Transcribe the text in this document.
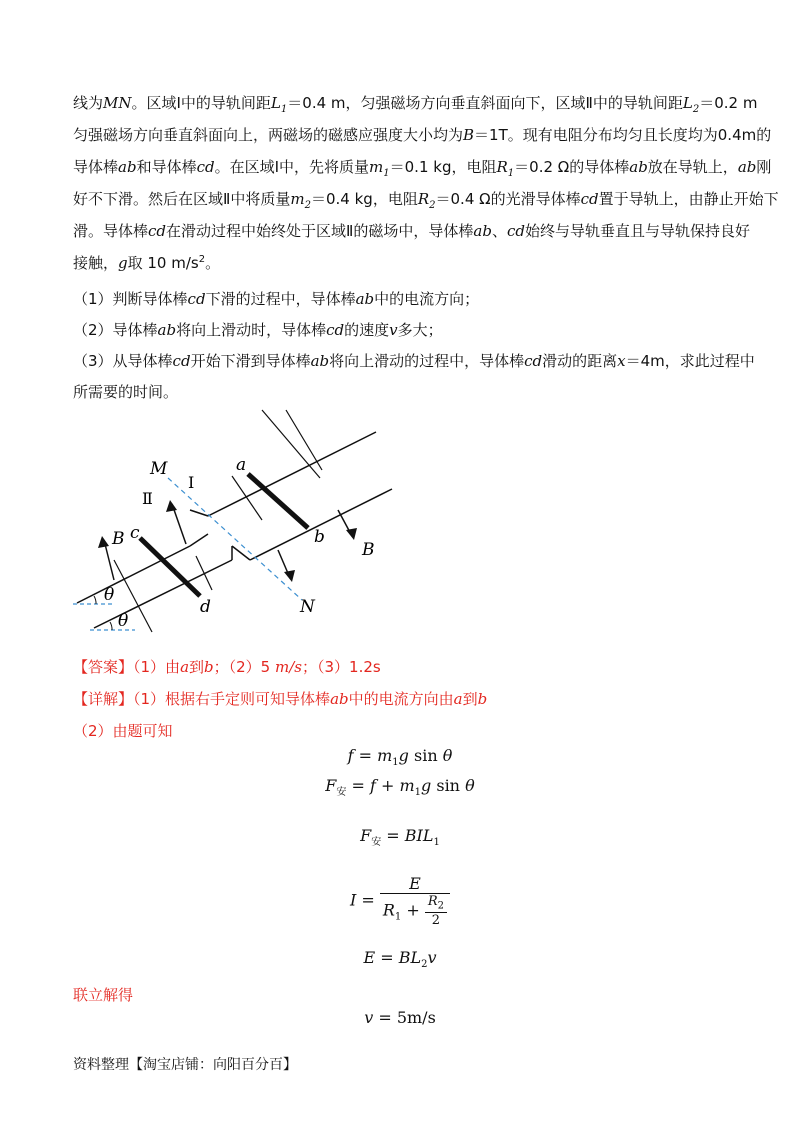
线为MN。区域Ⅰ中的导轨间距$L_1=0.4$ m，匀强磁场方向垂直斜面向下，区域Ⅱ中的导轨间距$L_2=0.2$ m
匀强磁场方向垂直斜面向上，两磁场的磁感应强度大小均为B＝1T。现有电阻分布均匀且长度均为0.4m的
导体棒ab和导体棒cd。在区域Ⅰ中，先将质量$m_1=0.1$ kg，电阻$R_1=0.2$ Ω的导体棒ab放在导轨上，ab刚
好不下滑。然后在区域Ⅱ中将质量$m_2=0.4$ kg，电阻$R_2=0.4$ Ω的光滑导体棒cd置于导轨上，由静止开始下
滑。导体棒cd在滑动过程中始终处于区域Ⅱ的磁场中，导体棒ab、cd始终与导轨垂直且与导轨保持良好
接触，g取 10 $m/s^2$。
（1）判断导体棒cd下滑的过程中，导体棒ab中的电流方向；
（2）导体棒ab将向上滑动时，导体棒cd的速度v多大；
（3）从导体棒cd开始下滑到导体棒ab将向上滑动的过程中，导体棒cd滑动的距离x＝4m，求此过程中
所需要的时间。
M
N
a
b
c
d
B
B
Ⅰ
Ⅱ
θ
θ
【答案】（1）由a到b；（2）5 m/s；（3）1.2s
【详解】（1）根据右手定则可知导体棒ab中的电流方向由a到b
（2）由题可知
$f = m_1g$ sin θ
$F_安 = f + m_1g$ sin θ
$F_安 = BIL_1$
$I = \frac{E}{R_1 + \frac{R_2}{2}}$
$E = BL_2v$
联立解得
v = 5m/s
资料整理【淘宝店铺：向阳百分百】
